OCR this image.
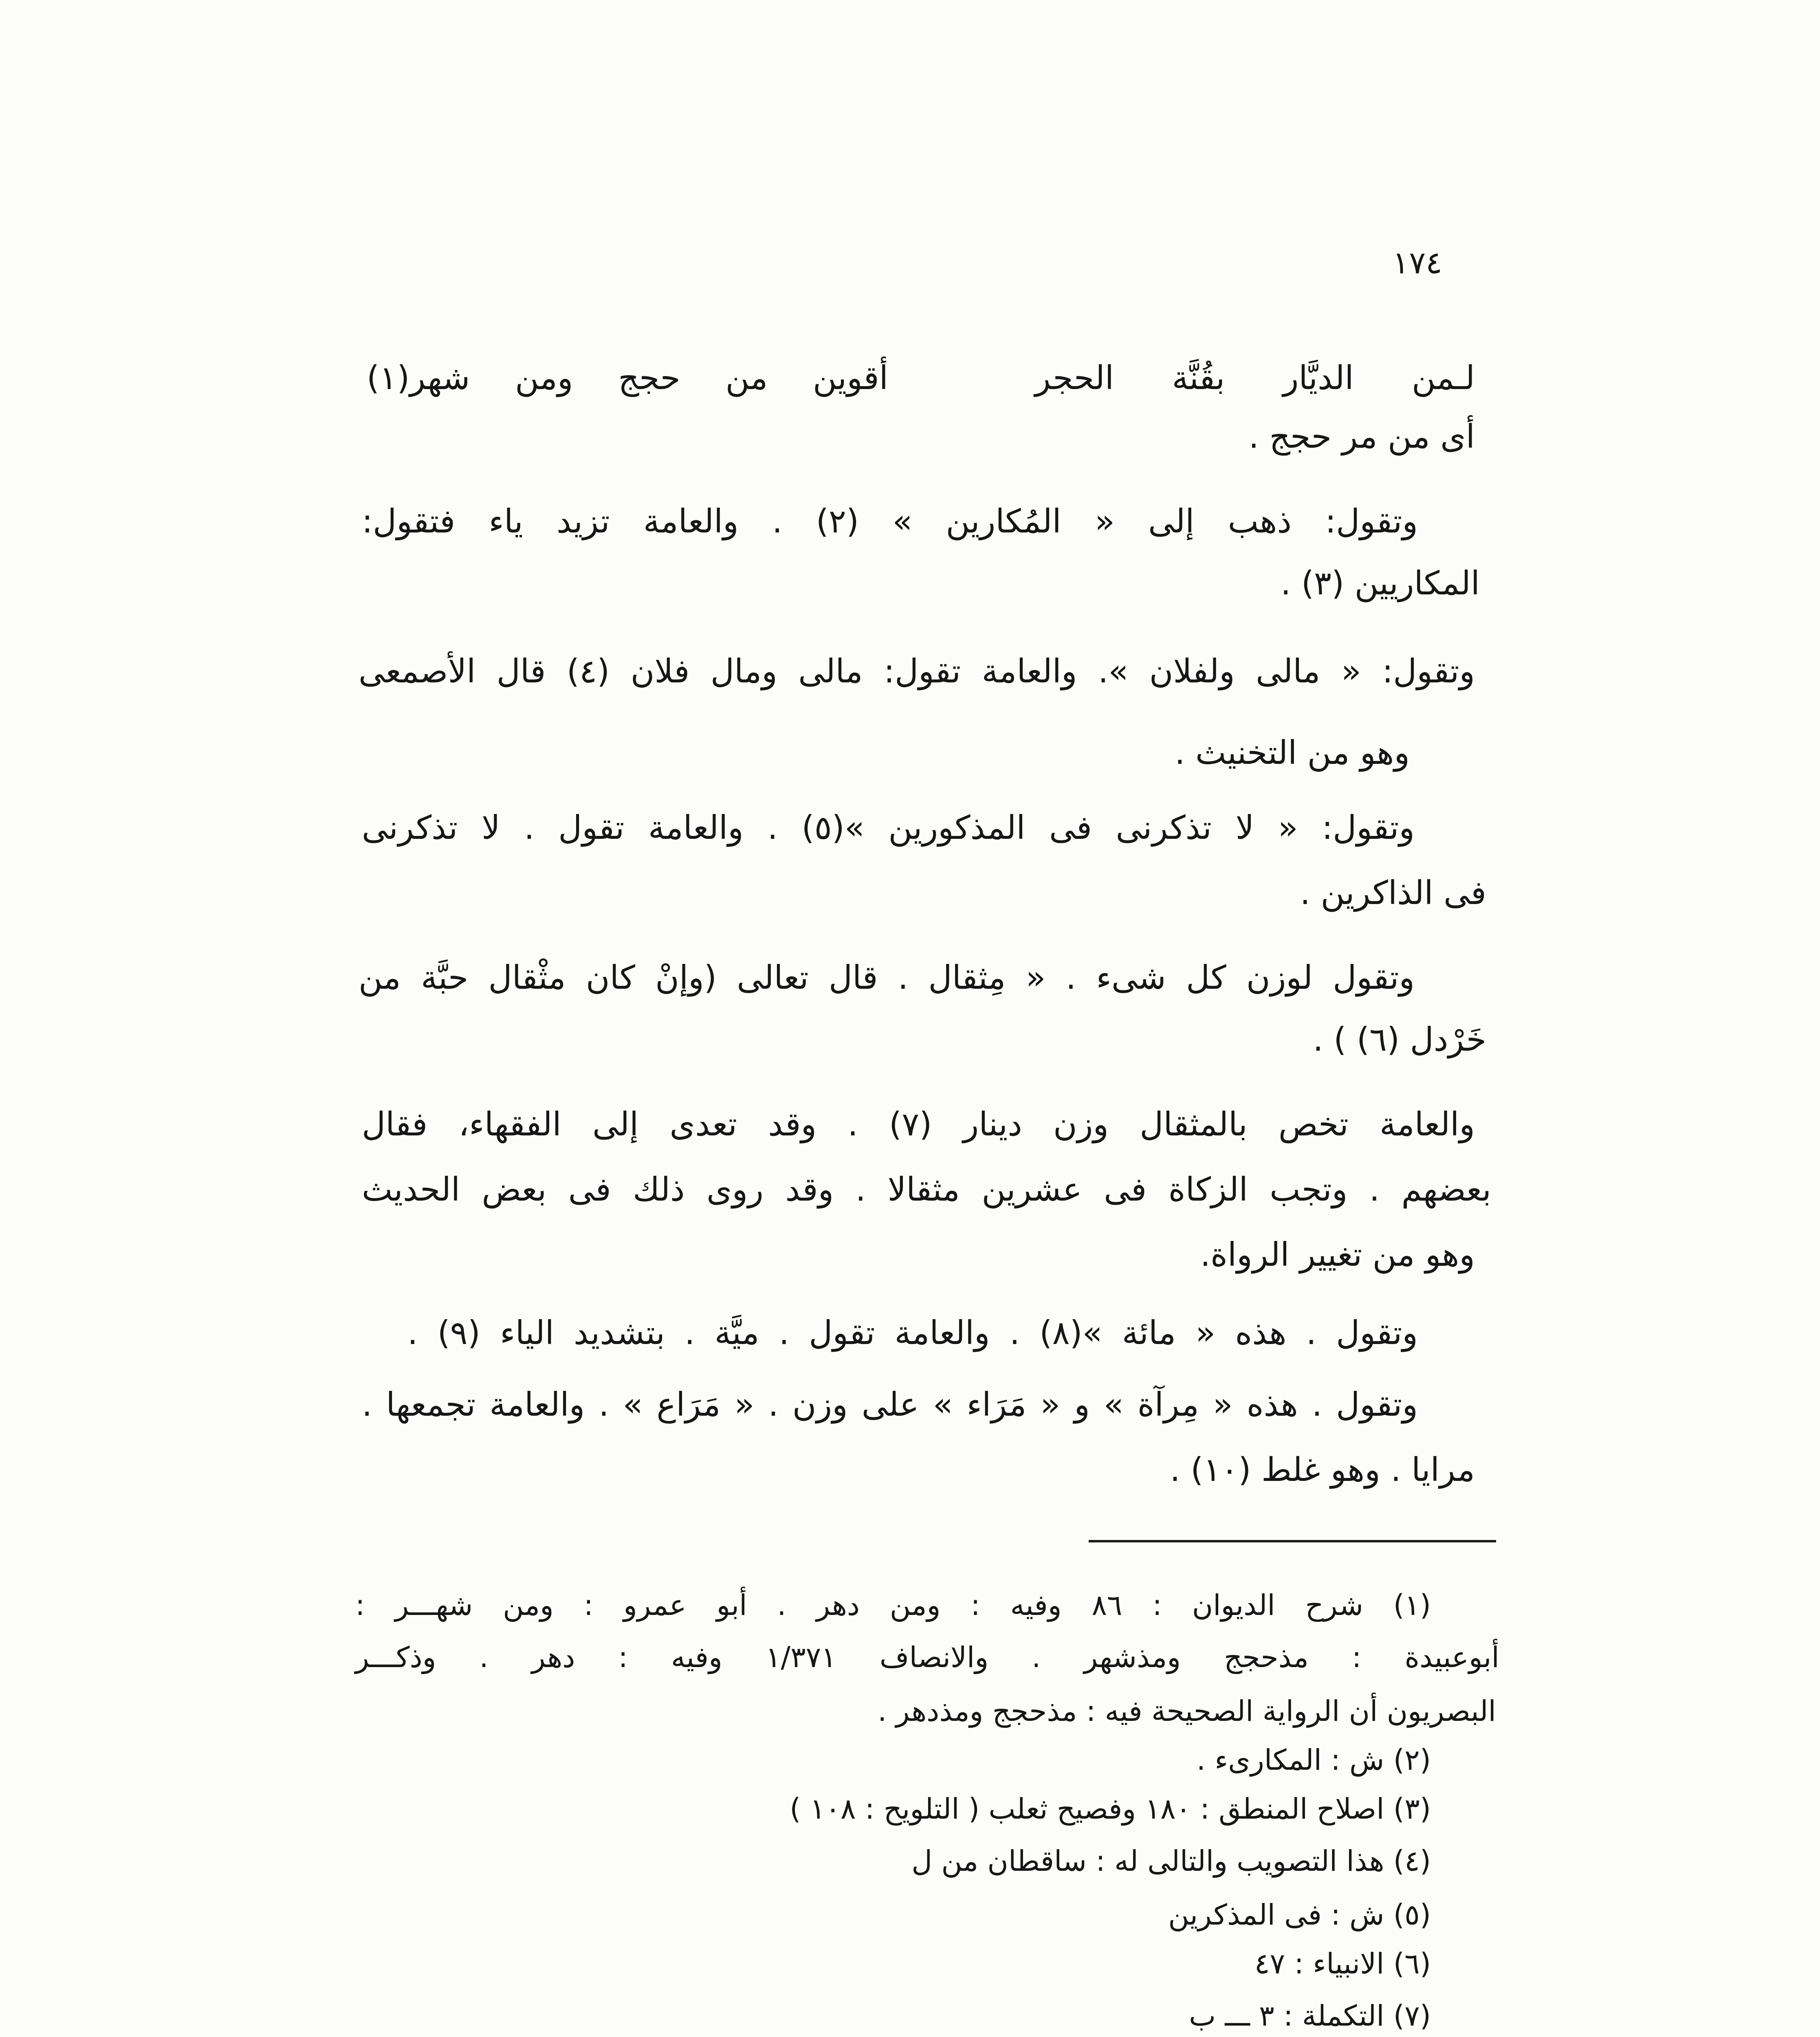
١٧٤
لـمن الديَّار بقُنَّة الحجر
أقوين من حجج ومن شهر(١)
أى من مر حجج .
وتقول: ذهب إلى « المُكارين » (٢) . والعامة تزيد ياء فتقول:
المكاريين (٣) .
وتقول: « مالى ولفلان ». والعامة تقول: مالى ومال فلان (٤) قال الأصمعى
وهو من التخنيث .
وتقول: « لا تذكرنى فى المذكورين »(٥) . والعامة تقول . لا تذكرنى
فى الذاكرين .
وتقول لوزن كل شىء . « مِثقال . قال تعالى (وإنْ كان مثْقال حبَّة من
خَرْدل (٦) ) .
والعامة تخص بالمثقال وزن دينار (٧) . وقد تعدى إلى الفقهاء، فقال
بعضهم . وتجب الزكاة فى عشرين مثقالا . وقد روى ذلك فى بعض الحديث
وهو من تغيير الرواة.
وتقول . هذه « مائة »(٨) . والعامة تقول . ميَّة . بتشديد الياء (٩) .
وتقول . هذه « مِرآة » و « مَرَاء » على وزن . « مَرَاع » . والعامة تجمعها .
مرايا . وهو غلط (١٠) .
(١) شرح الديوان : ٨٦ وفيه : ومن دهر . أبو عمرو : ومن شهـــر :
أبوعبيدة : مذحجج ومذشهر . والانصاف ١/٣٧١ وفيه : دهر . وذكـــر
البصريون أن الرواية الصحيحة فيه : مذحجج ومذدهر .
(٢) ش : المكارىء .
(٣) اصلاح المنطق : ١٨٠ وفصيح ثعلب ( التلويح : ١٠٨ )
(٤) هذا التصويب والتالى له : ساقطان من ل
(٥) ش : فى المذكرين
(٦) الانبياء : ٤٧
(٧) التكملة : ٣ ـــ ب
